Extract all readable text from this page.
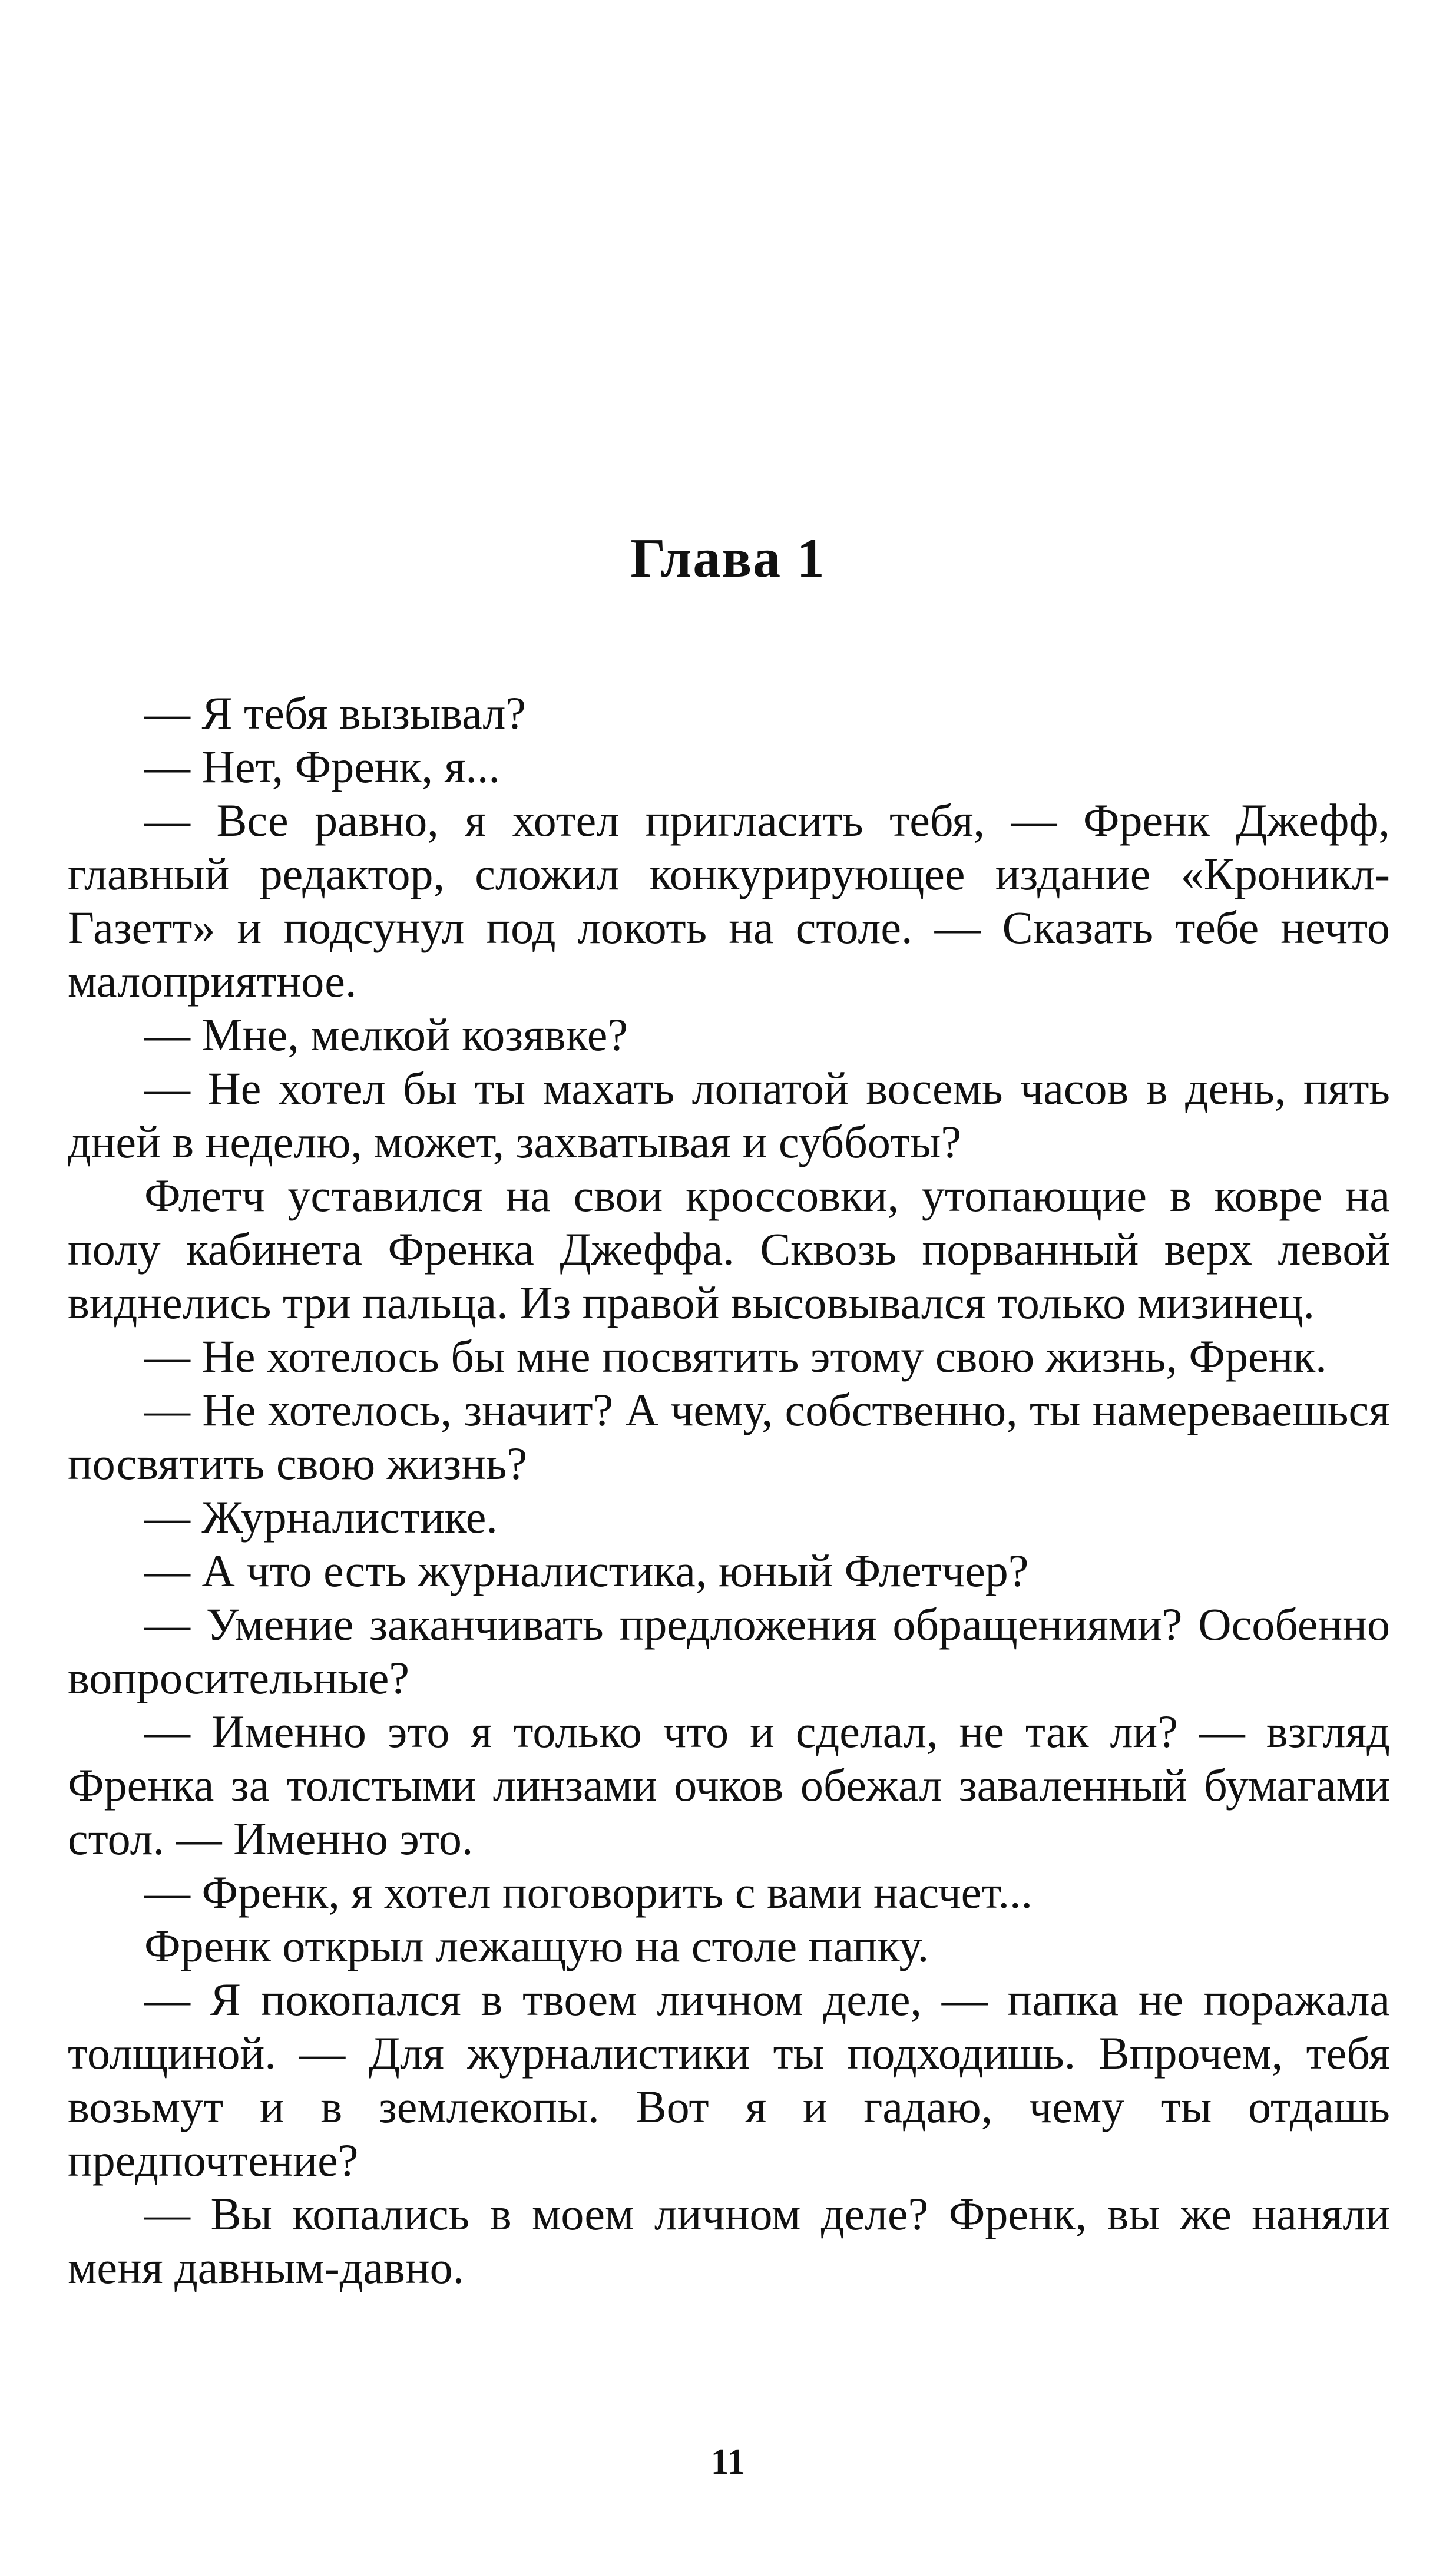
Глава 1

— Я тебя вызывал?

— Нет, Френк, я...

— Все равно, я хотел пригласить тебя, — Френк Джефф, главный редактор, сложил конкурирующее издание «Кроникл-Газетт» и подсунул под локоть на столе. — Сказать тебе нечто малоприятное.

— Мне, мелкой козявке?

— Не хотел бы ты махать лопатой восемь часов в день, пять дней в неделю, может, захватывая и субботы?

Флетч уставился на свои кроссовки, утопающие в ковре на полу кабинета Френка Джеффа. Сквозь порванный верх левой виднелись три пальца. Из правой высовывался только мизинец.

— Не хотелось бы мне посвятить этому свою жизнь, Френк.

— Не хотелось, значит? А чему, собственно, ты намереваешься посвятить свою жизнь?

— Журналистике.

— А что есть журналистика, юный Флетчер?

— Умение заканчивать предложения обращениями? Особенно вопросительные?

— Именно это я только что и сделал, не так ли? — взгляд Френка за толстыми линзами очков обежал заваленный бумагами стол. — Именно это.

— Френк, я хотел поговорить с вами насчет...

Френк открыл лежащую на столе папку.

— Я покопался в твоем личном деле, — папка не поражала толщиной. — Для журналистики ты подходишь. Впрочем, тебя возьмут и в землекопы. Вот я и гадаю, чему ты отдашь предпочтение?

— Вы копались в моем личном деле? Френк, вы же наняли меня давным-давно.

11
